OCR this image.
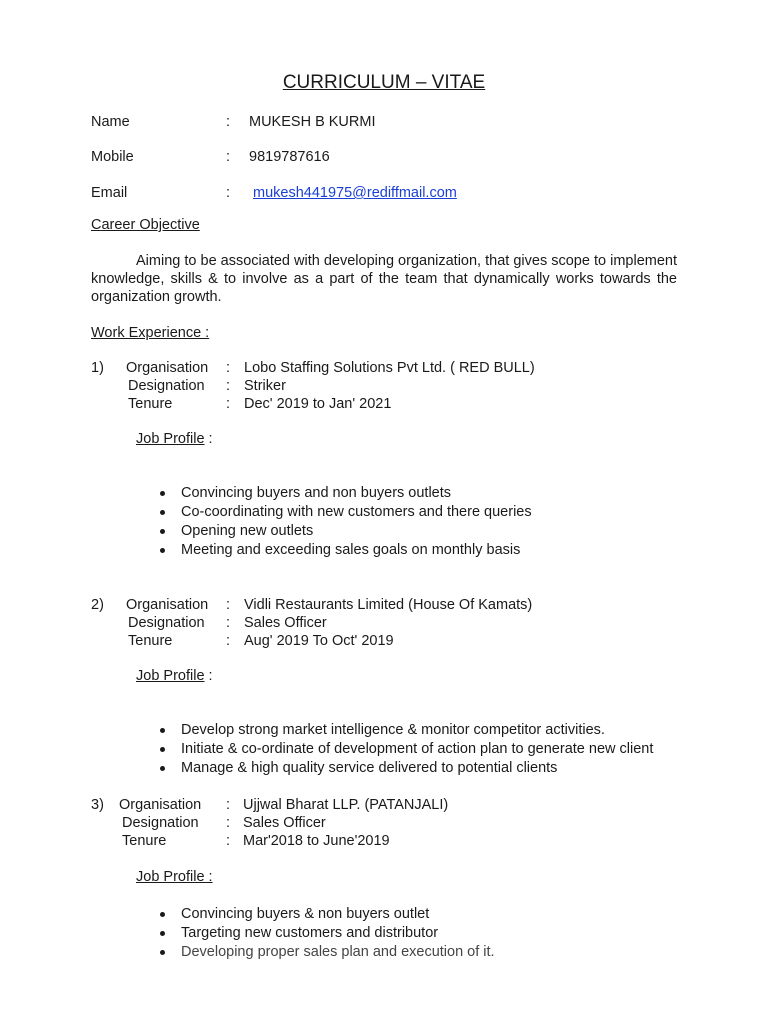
CURRICULUM – VITAE
Name	: MUKESH B KURMI
Mobile	: 9819787616
Email	: mukesh441975@rediffmail.com
Career Objective
Aiming to be associated with developing organization, that gives scope to implement knowledge, skills & to involve as a part of the team that dynamically works towards the organization growth.
Work Experience :
1) Organisation : Lobo Staffing Solutions Pvt Ltd. ( RED BULL)
Designation : Striker
Tenure	: Dec' 2019 to Jan' 2021
Job Profile :
Convincing buyers and non buyers outlets
Co-coordinating with new customers and there queries
Opening new outlets
Meeting and exceeding sales goals on monthly basis
2) Organisation : Vidli Restaurants Limited (House Of Kamats)
Designation : Sales Officer
Tenure	: Aug' 2019 To Oct' 2019
Job Profile :
Develop strong market intelligence & monitor competitor activities.
Initiate & co-ordinate of development of action plan to generate new client
Manage & high quality service delivered to potential clients
3) Organisation : Ujjwal Bharat LLP. (PATANJALI)
Designation : Sales Officer
Tenure	: Mar'2018 to June'2019
Job Profile :
Convincing buyers & non buyers outlet
Targeting new customers and distributor
Developing proper sales plan and execution of it.
